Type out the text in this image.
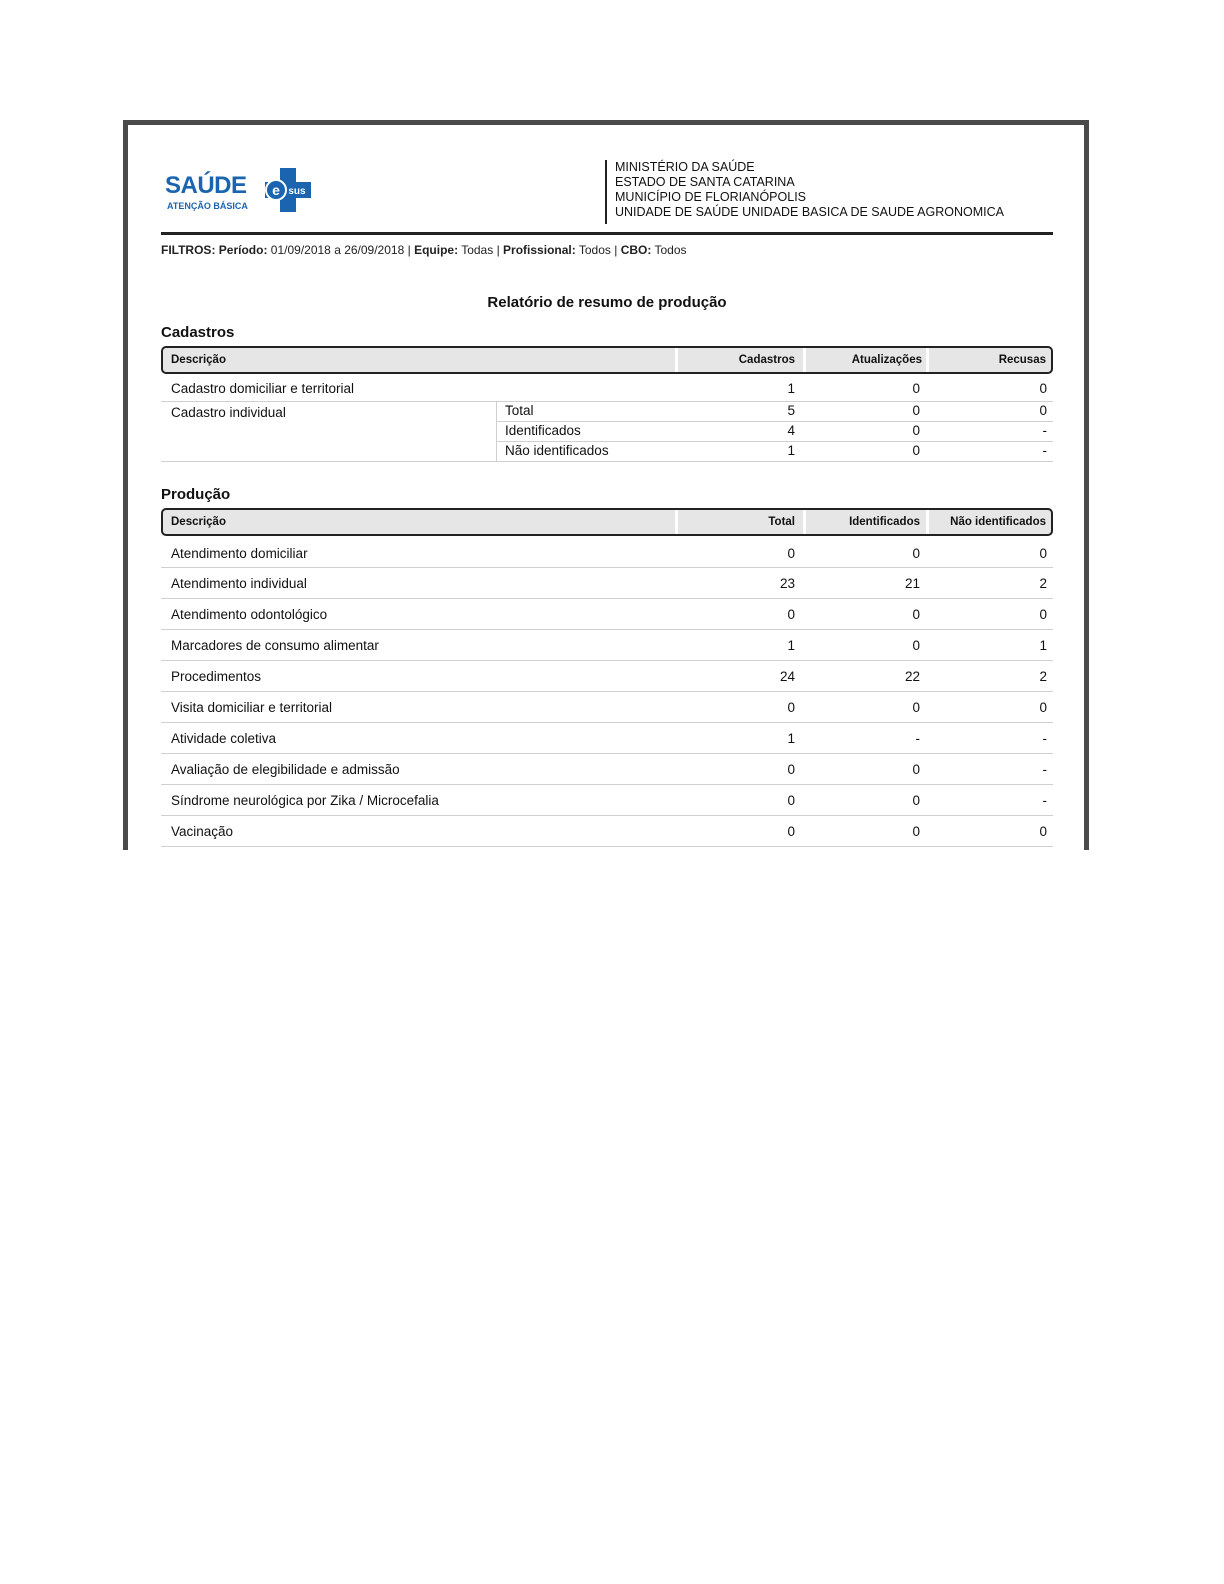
SAÚDE
ATENÇÃO BÁSICA
e sus
MINISTÉRIO DA SAÚDE
ESTADO DE SANTA CATARINA
MUNICÍPIO DE FLORIANÓPOLIS
UNIDADE DE SAÚDE UNIDADE BASICA DE SAUDE AGRONOMICA
FILTROS: Período: 01/09/2018 a 26/09/2018 | Equipe: Todas | Profissional: Todos | CBO: Todos
Relatório de resumo de produção
Cadastros
Descrição	Cadastros	Atualizações	Recusas
Cadastro domiciliar e territorial	1	0	0
Cadastro individual	Total	5	0	0
Identificados	4	0	-
Não identificados	1	0	-
Produção
Descrição	Total	Identificados	Não identificados
Atendimento domiciliar	0	0	0
Atendimento individual	23	21	2
Atendimento odontológico	0	0	0
Marcadores de consumo alimentar	1	0	1
Procedimentos	24	22	2
Visita domiciliar e territorial	0	0	0
Atividade coletiva	1	-	-
Avaliação de elegibilidade e admissão	0	0	-
Síndrome neurológica por Zika / Microcefalia	0	0	-
Vacinação	0	0	0
